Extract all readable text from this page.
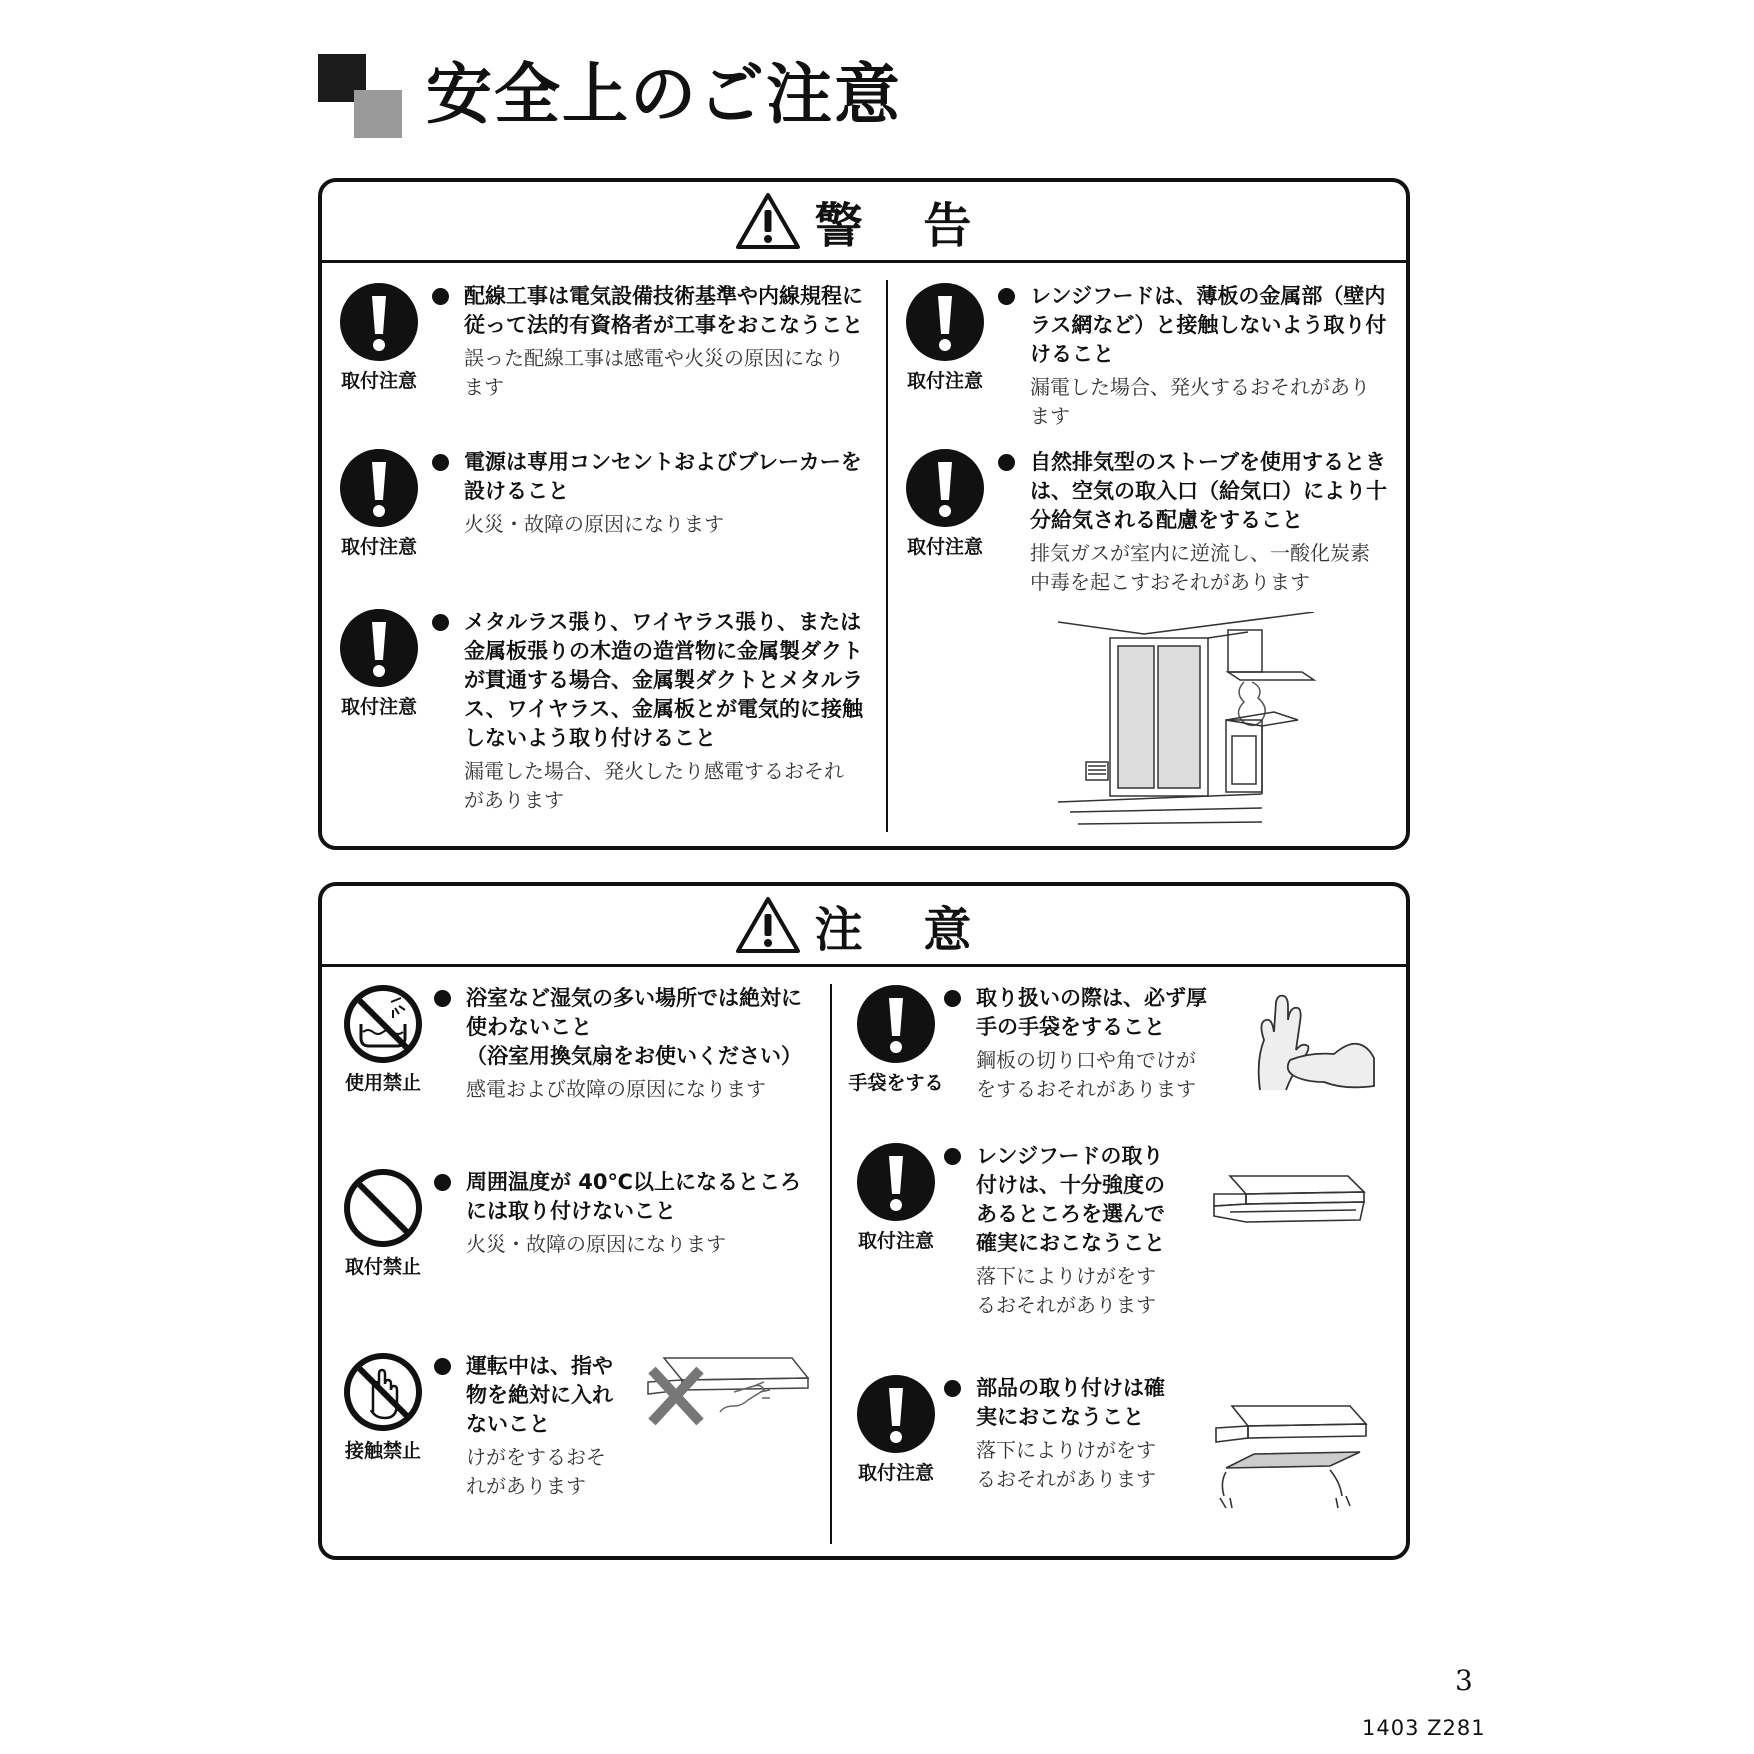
安全上のご注意
警 告
取付注意
配線工事は電気設備技術基準や内線規程に
従って法的有資格者が工事をおこなうこと
誤った配線工事は感電や火災の原因になり
ます
取付注意
電源は専用コンセントおよびブレーカーを
設けること
火災・故障の原因になります
取付注意
メタルラス張り、ワイヤラス張り、または
金属板張りの木造の造営物に金属製ダクト
が貫通する場合、金属製ダクトとメタルラ
ス、ワイヤラス、金属板とが電気的に接触
しないよう取り付けること
漏電した場合、発火したり感電するおそれ
があります
取付注意
レンジフードは、薄板の金属部（壁内
ラス網など）と接触しないよう取り付
けること
漏電した場合、発火するおそれがあり
ます
取付注意
自然排気型のストーブを使用するとき
は、空気の取入口（給気口）により十
分給気される配慮をすること
排気ガスが室内に逆流し、一酸化炭素
中毒を起こすおそれがあります
注 意
使用禁止
浴室など湿気の多い場所では絶対に
使わないこと
（浴室用換気扇をお使いください）
感電および故障の原因になります
取付禁止
周囲温度が 40℃以上になるところ
には取り付けないこと
火災・故障の原因になります
接触禁止
運転中は、指や
物を絶対に入れ
ないこと
けがをするおそ
れがあります
手袋をする
取り扱いの際は、必ず厚
手の手袋をすること
鋼板の切り口や角でけが
をするおそれがあります
取付注意
レンジフードの取り
付けは、十分強度の
あるところを選んで
確実におこなうこと
落下によりけがをす
るおそれがあります
取付注意
部品の取り付けは確
実におこなうこと
落下によりけがをす
るおそれがあります
3
1403 Z281
